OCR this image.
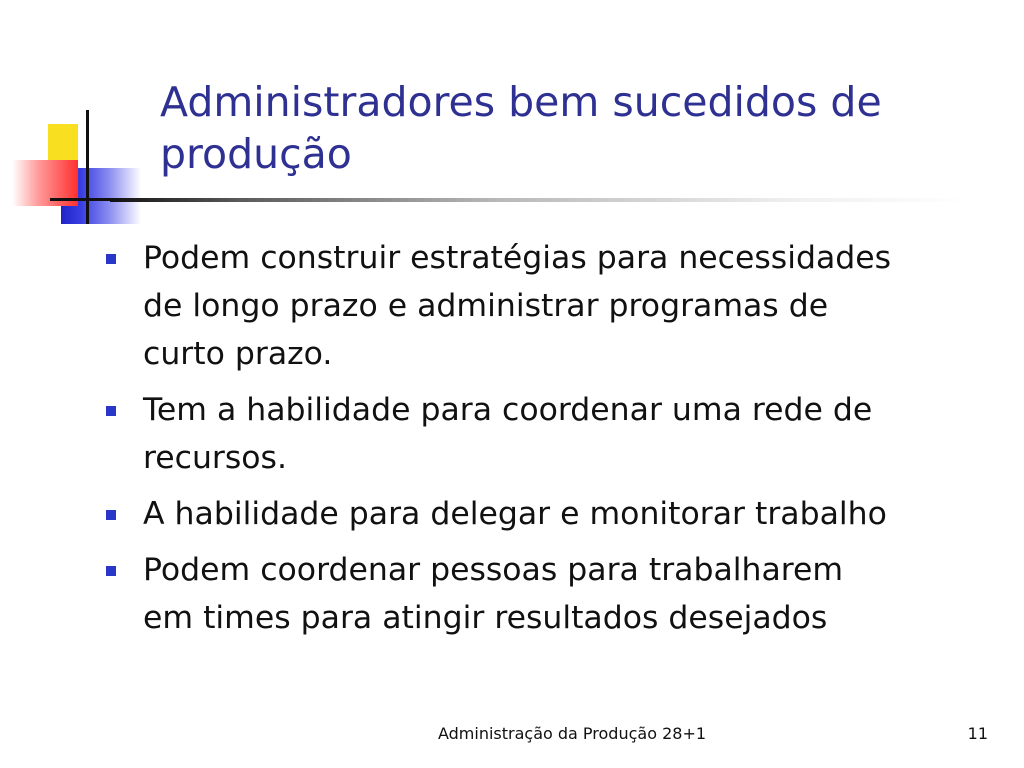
Administradores bem sucedidos de
produção
Podem construir estratégias para necessidades
de longo prazo e administrar programas de
curto prazo.
Tem a habilidade para coordenar uma rede de
recursos.
A habilidade para delegar e monitorar trabalho
Podem coordenar pessoas para trabalharem
em times para atingir resultados desejados
Administração da Produção 28+1	11
